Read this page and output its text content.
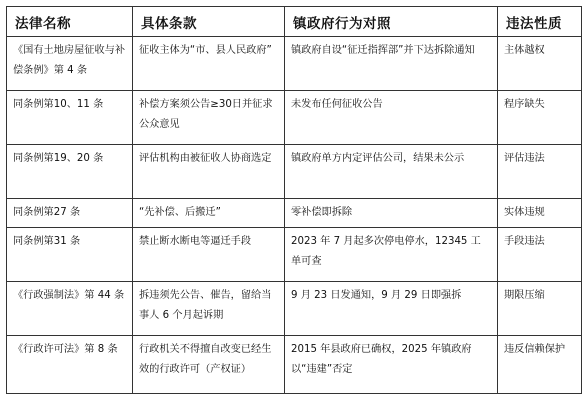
法律名称	具体条款	镇政府行为对照	违法性质
《国有土地房屋征收与补偿条例》第 4 条	征收主体为“市、县人民政府”	镇政府自设“征迁指挥部”并下达拆除通知	主体越权
同条例第10、11 条	补偿方案须公告≥30日并征求公众意见	未发布任何征收公告	程序缺失
同条例第19、20 条	评估机构由被征收人协商选定	镇政府单方内定评估公司，结果未公示	评估违法
同条例第27 条	“先补偿、后搬迁”	零补偿即拆除	实体违规
同条例第31 条	禁止断水断电等逼迁手段	2023 年 7 月起多次停电停水，12345 工单可查	手段违法
《行政强制法》第 44 条	拆违须先公告、催告，留给当事人 6 个月起诉期	9 月 23 日发通知，9 月 29 日即强拆	期限压缩
《行政许可法》第 8 条	行政机关不得擅自改变已经生效的行政许可（产权证）	2015 年县政府已确权，2025 年镇政府以“违建”否定	违反信赖保护
